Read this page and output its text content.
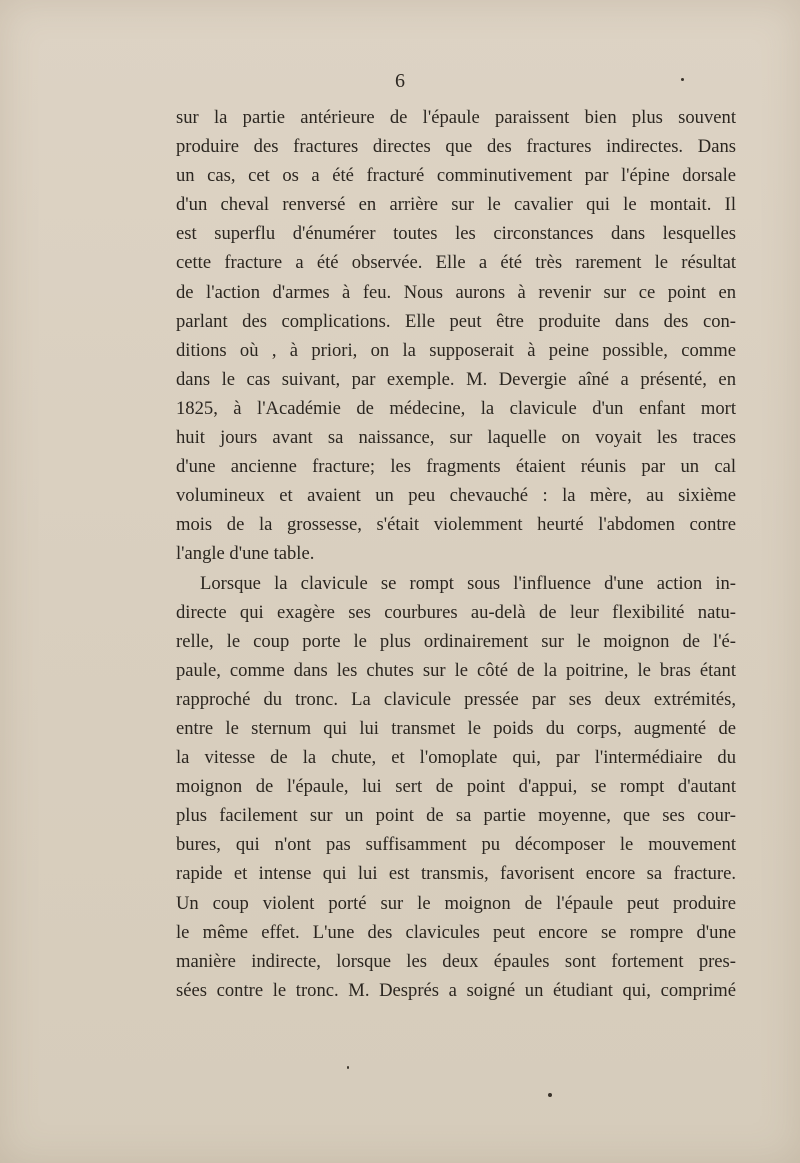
6
sur la partie antérieure de l'épaule paraissent bien plus souvent
produire des fractures directes que des fractures indirectes. Dans
un cas, cet os a été fracturé comminutivement par l'épine dorsale
d'un cheval renversé en arrière sur le cavalier qui le montait. Il
est superflu d'énumérer toutes les circonstances dans lesquelles
cette fracture a été observée. Elle a été très rarement le résultat
de l'action d'armes à feu. Nous aurons à revenir sur ce point en
parlant des complications. Elle peut être produite dans des con-
ditions où , à priori, on la supposerait à peine possible, comme
dans le cas suivant, par exemple. M. Devergie aîné a présenté, en
1825, à l'Académie de médecine, la clavicule d'un enfant mort
huit jours avant sa naissance, sur laquelle on voyait les traces
d'une ancienne fracture; les fragments étaient réunis par un cal
volumineux et avaient un peu chevauché : la mère, au sixième
mois de la grossesse, s'était violemment heurté l'abdomen contre
l'angle d'une table.
Lorsque la clavicule se rompt sous l'influence d'une action in-
directe qui exagère ses courbures au-delà de leur flexibilité natu-
relle, le coup porte le plus ordinairement sur le moignon de l'é-
paule, comme dans les chutes sur le côté de la poitrine, le bras étant
rapproché du tronc. La clavicule pressée par ses deux extrémités,
entre le sternum qui lui transmet le poids du corps, augmenté de
la vitesse de la chute, et l'omoplate qui, par l'intermédiaire du
moignon de l'épaule, lui sert de point d'appui, se rompt d'autant
plus facilement sur un point de sa partie moyenne, que ses cour-
bures, qui n'ont pas suffisamment pu décomposer le mouvement
rapide et intense qui lui est transmis, favorisent encore sa fracture.
Un coup violent porté sur le moignon de l'épaule peut produire
le même effet. L'une des clavicules peut encore se rompre d'une
manière indirecte, lorsque les deux épaules sont fortement pres-
sées contre le tronc. M. Després a soigné un étudiant qui, comprimé
